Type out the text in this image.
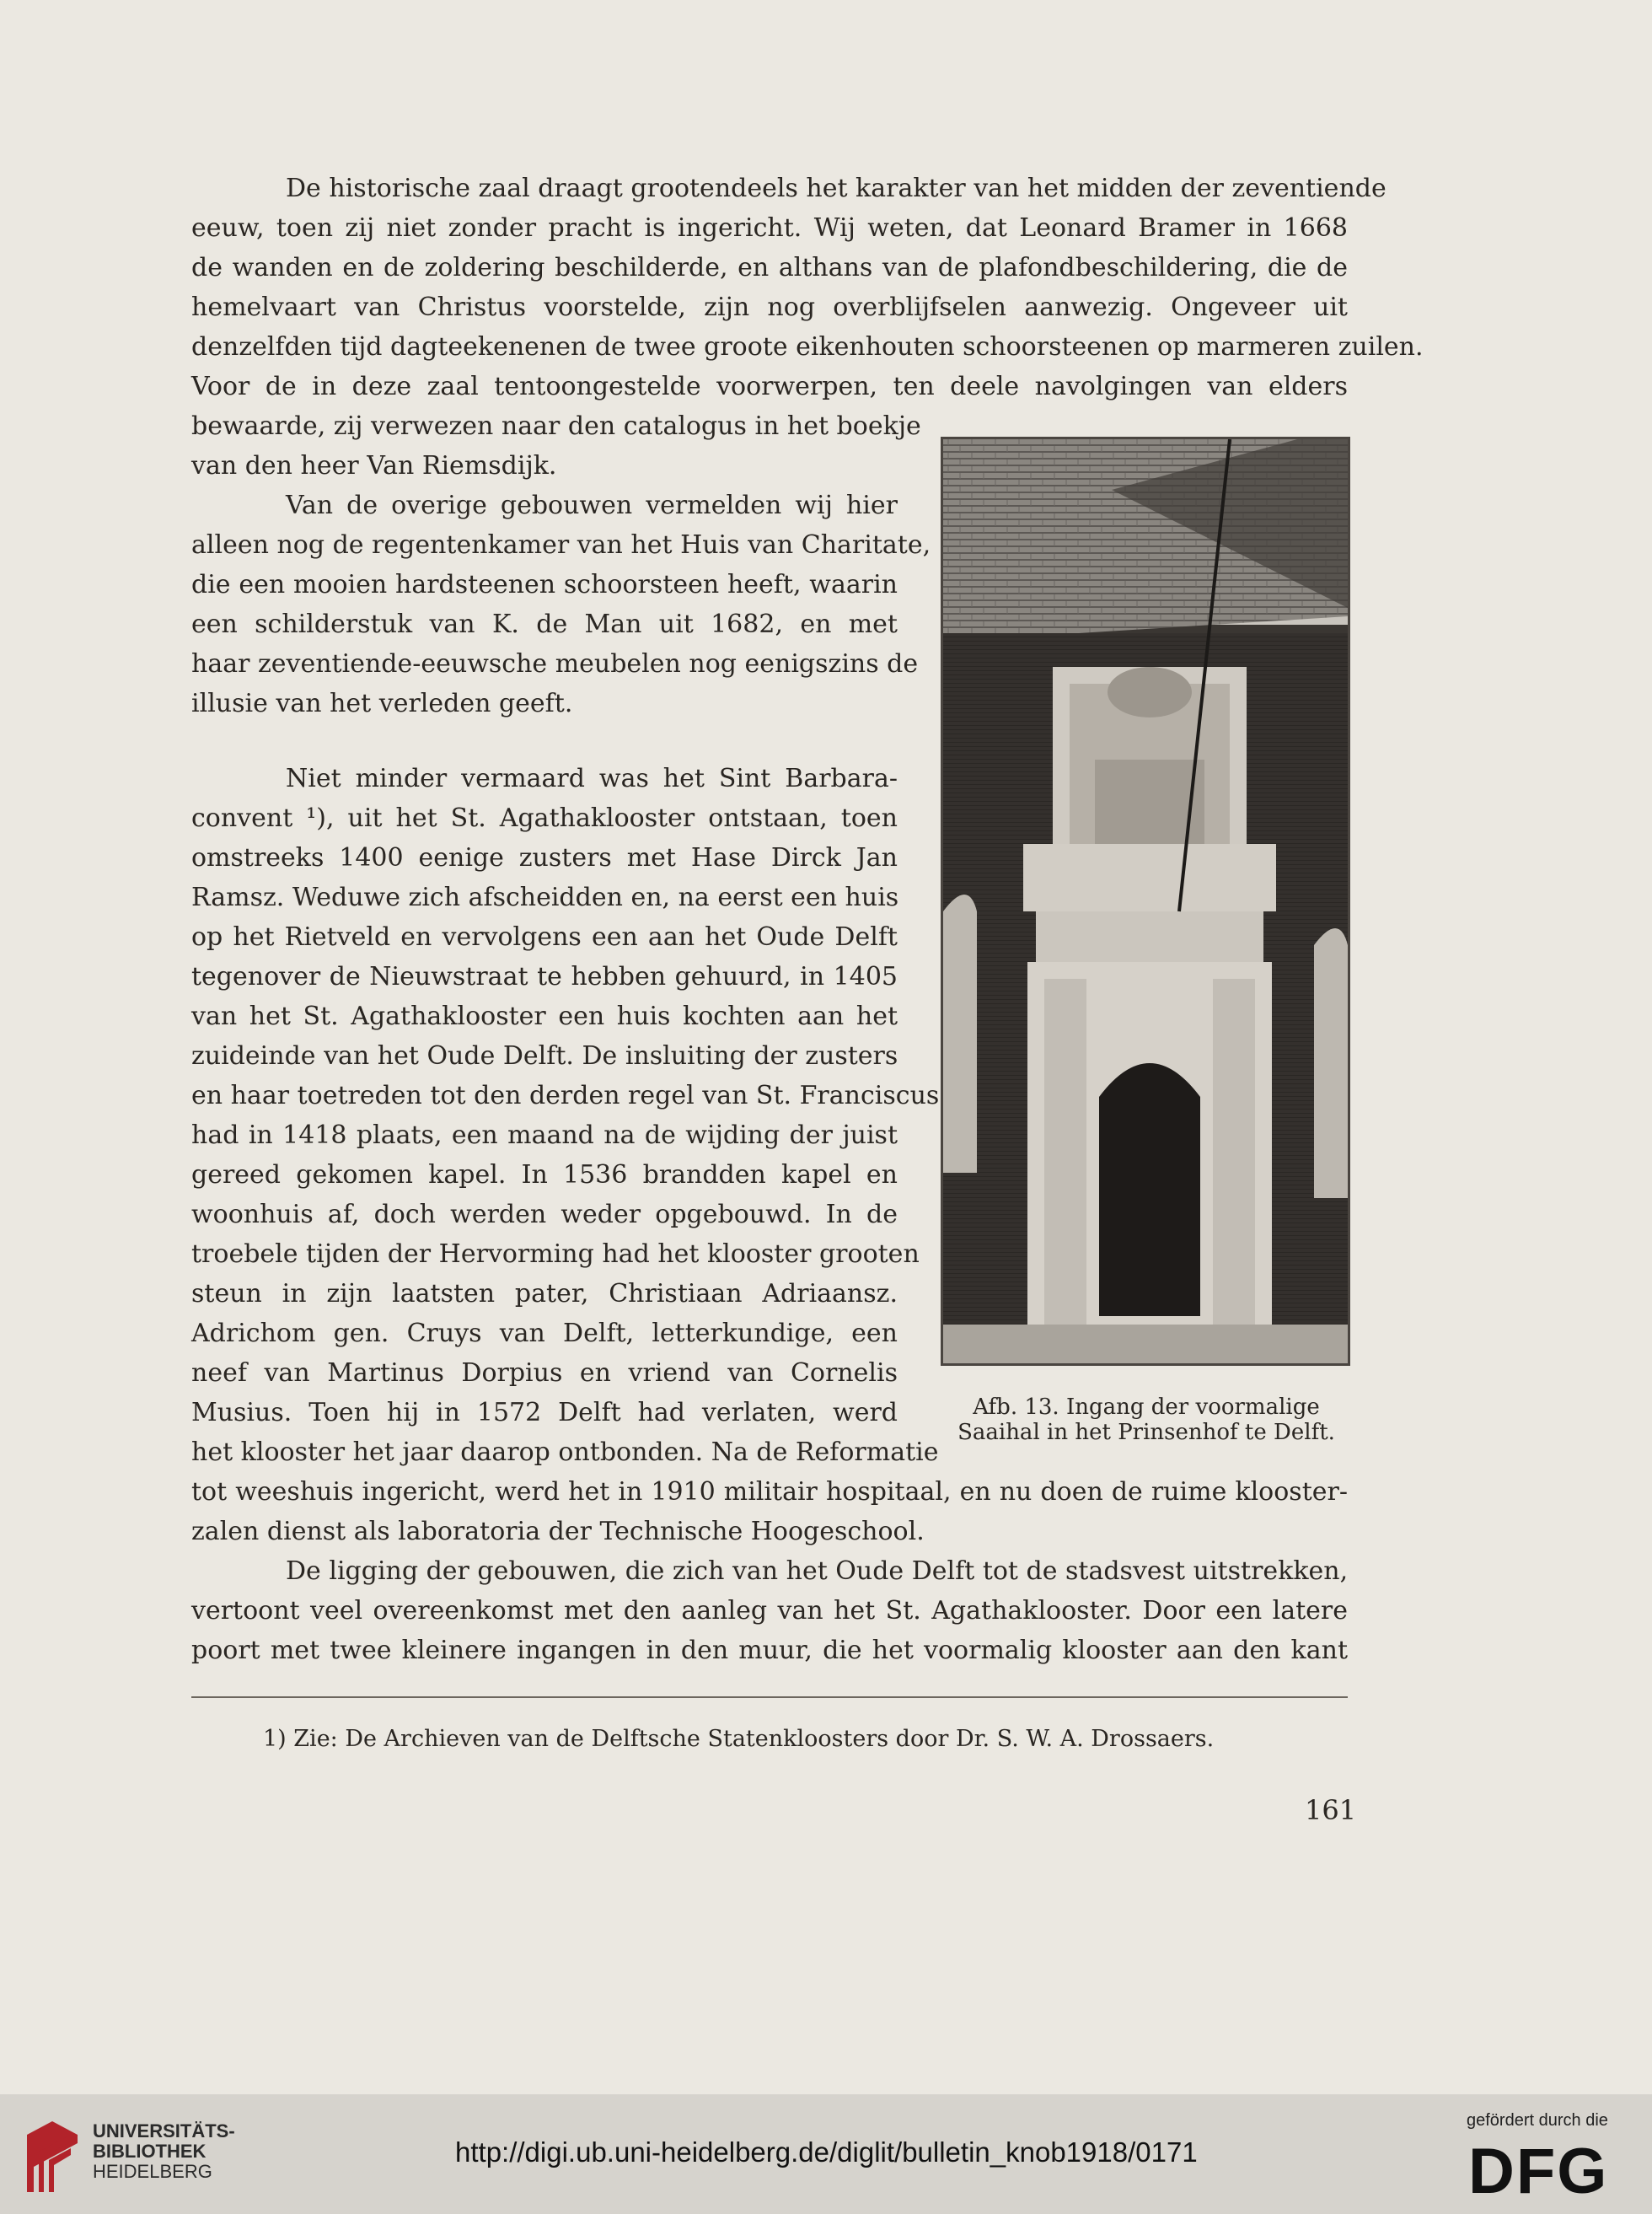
De historische zaal draagt grootendeels het karakter van het midden der zeventiende
eeuw, toen zij niet zonder pracht is ingericht. Wij weten, dat Leonard Bramer in 1668
de wanden en de zoldering beschilderde, en althans van de plafondbeschildering, die de
hemelvaart van Christus voorstelde, zijn nog overblijfselen aanwezig. Ongeveer uit
denzelfden tijd dagteekenenen de twee groote eikenhouten schoorsteenen op marmeren zuilen.
Voor de in deze zaal tentoongestelde voorwerpen, ten deele navolgingen van elders
bewaarde, zij verwezen naar den catalogus in het boekje
van den heer Van Riemsdijk.
Van de overige gebouwen vermelden wij hier
alleen nog de regentenkamer van het Huis van Charitate,
die een mooien hardsteenen schoorsteen heeft, waarin
een schilderstuk van K. de Man uit 1682, en met
haar zeventiende-eeuwsche meubelen nog eenigszins de
illusie van het verleden geeft.
Niet minder vermaard was het Sint Barbara-
convent ¹), uit het St. Agathaklooster ontstaan, toen
omstreeks 1400 eenige zusters met Hase Dirck Jan
Ramsz. Weduwe zich afscheidden en, na eerst een huis
op het Rietveld en vervolgens een aan het Oude Delft
tegenover de Nieuwstraat te hebben gehuurd, in 1405
van het St. Agathaklooster een huis kochten aan het
zuideinde van het Oude Delft. De insluiting der zusters
en haar toetreden tot den derden regel van St. Franciscus
had in 1418 plaats, een maand na de wijding der juist
gereed gekomen kapel. In 1536 brandden kapel en
woonhuis af, doch werden weder opgebouwd. In de
troebele tijden der Hervorming had het klooster grooten
steun in zijn laatsten pater, Christiaan Adriaansz.
Adrichom gen. Cruys van Delft, letterkundige, een
neef van Martinus Dorpius en vriend van Cornelis
Musius. Toen hij in 1572 Delft had verlaten, werd
het klooster het jaar daarop ontbonden. Na de Reformatie
tot weeshuis ingericht, werd het in 1910 militair hospitaal, en nu doen de ruime klooster-
zalen dienst als laboratoria der Technische Hoogeschool.
De ligging der gebouwen, die zich van het Oude Delft tot de stadsvest uitstrekken,
vertoont veel overeenkomst met den aanleg van het St. Agathaklooster. Door een latere
poort met twee kleinere ingangen in den muur, die het voormalig klooster aan den kant
Afb. 13. Ingang der voormalige
Saaihal in het Prinsenhof te Delft.
1) Zie: De Archieven van de Delftsche Statenkloosters door Dr. S. W. A. Drossaers.
161
UNIVERSITÄTS-
BIBLIOTHEK
HEIDELBERG
http://digi.ub.uni-heidelberg.de/diglit/bulletin_knob1918/0171
gefördert durch die
DFG
